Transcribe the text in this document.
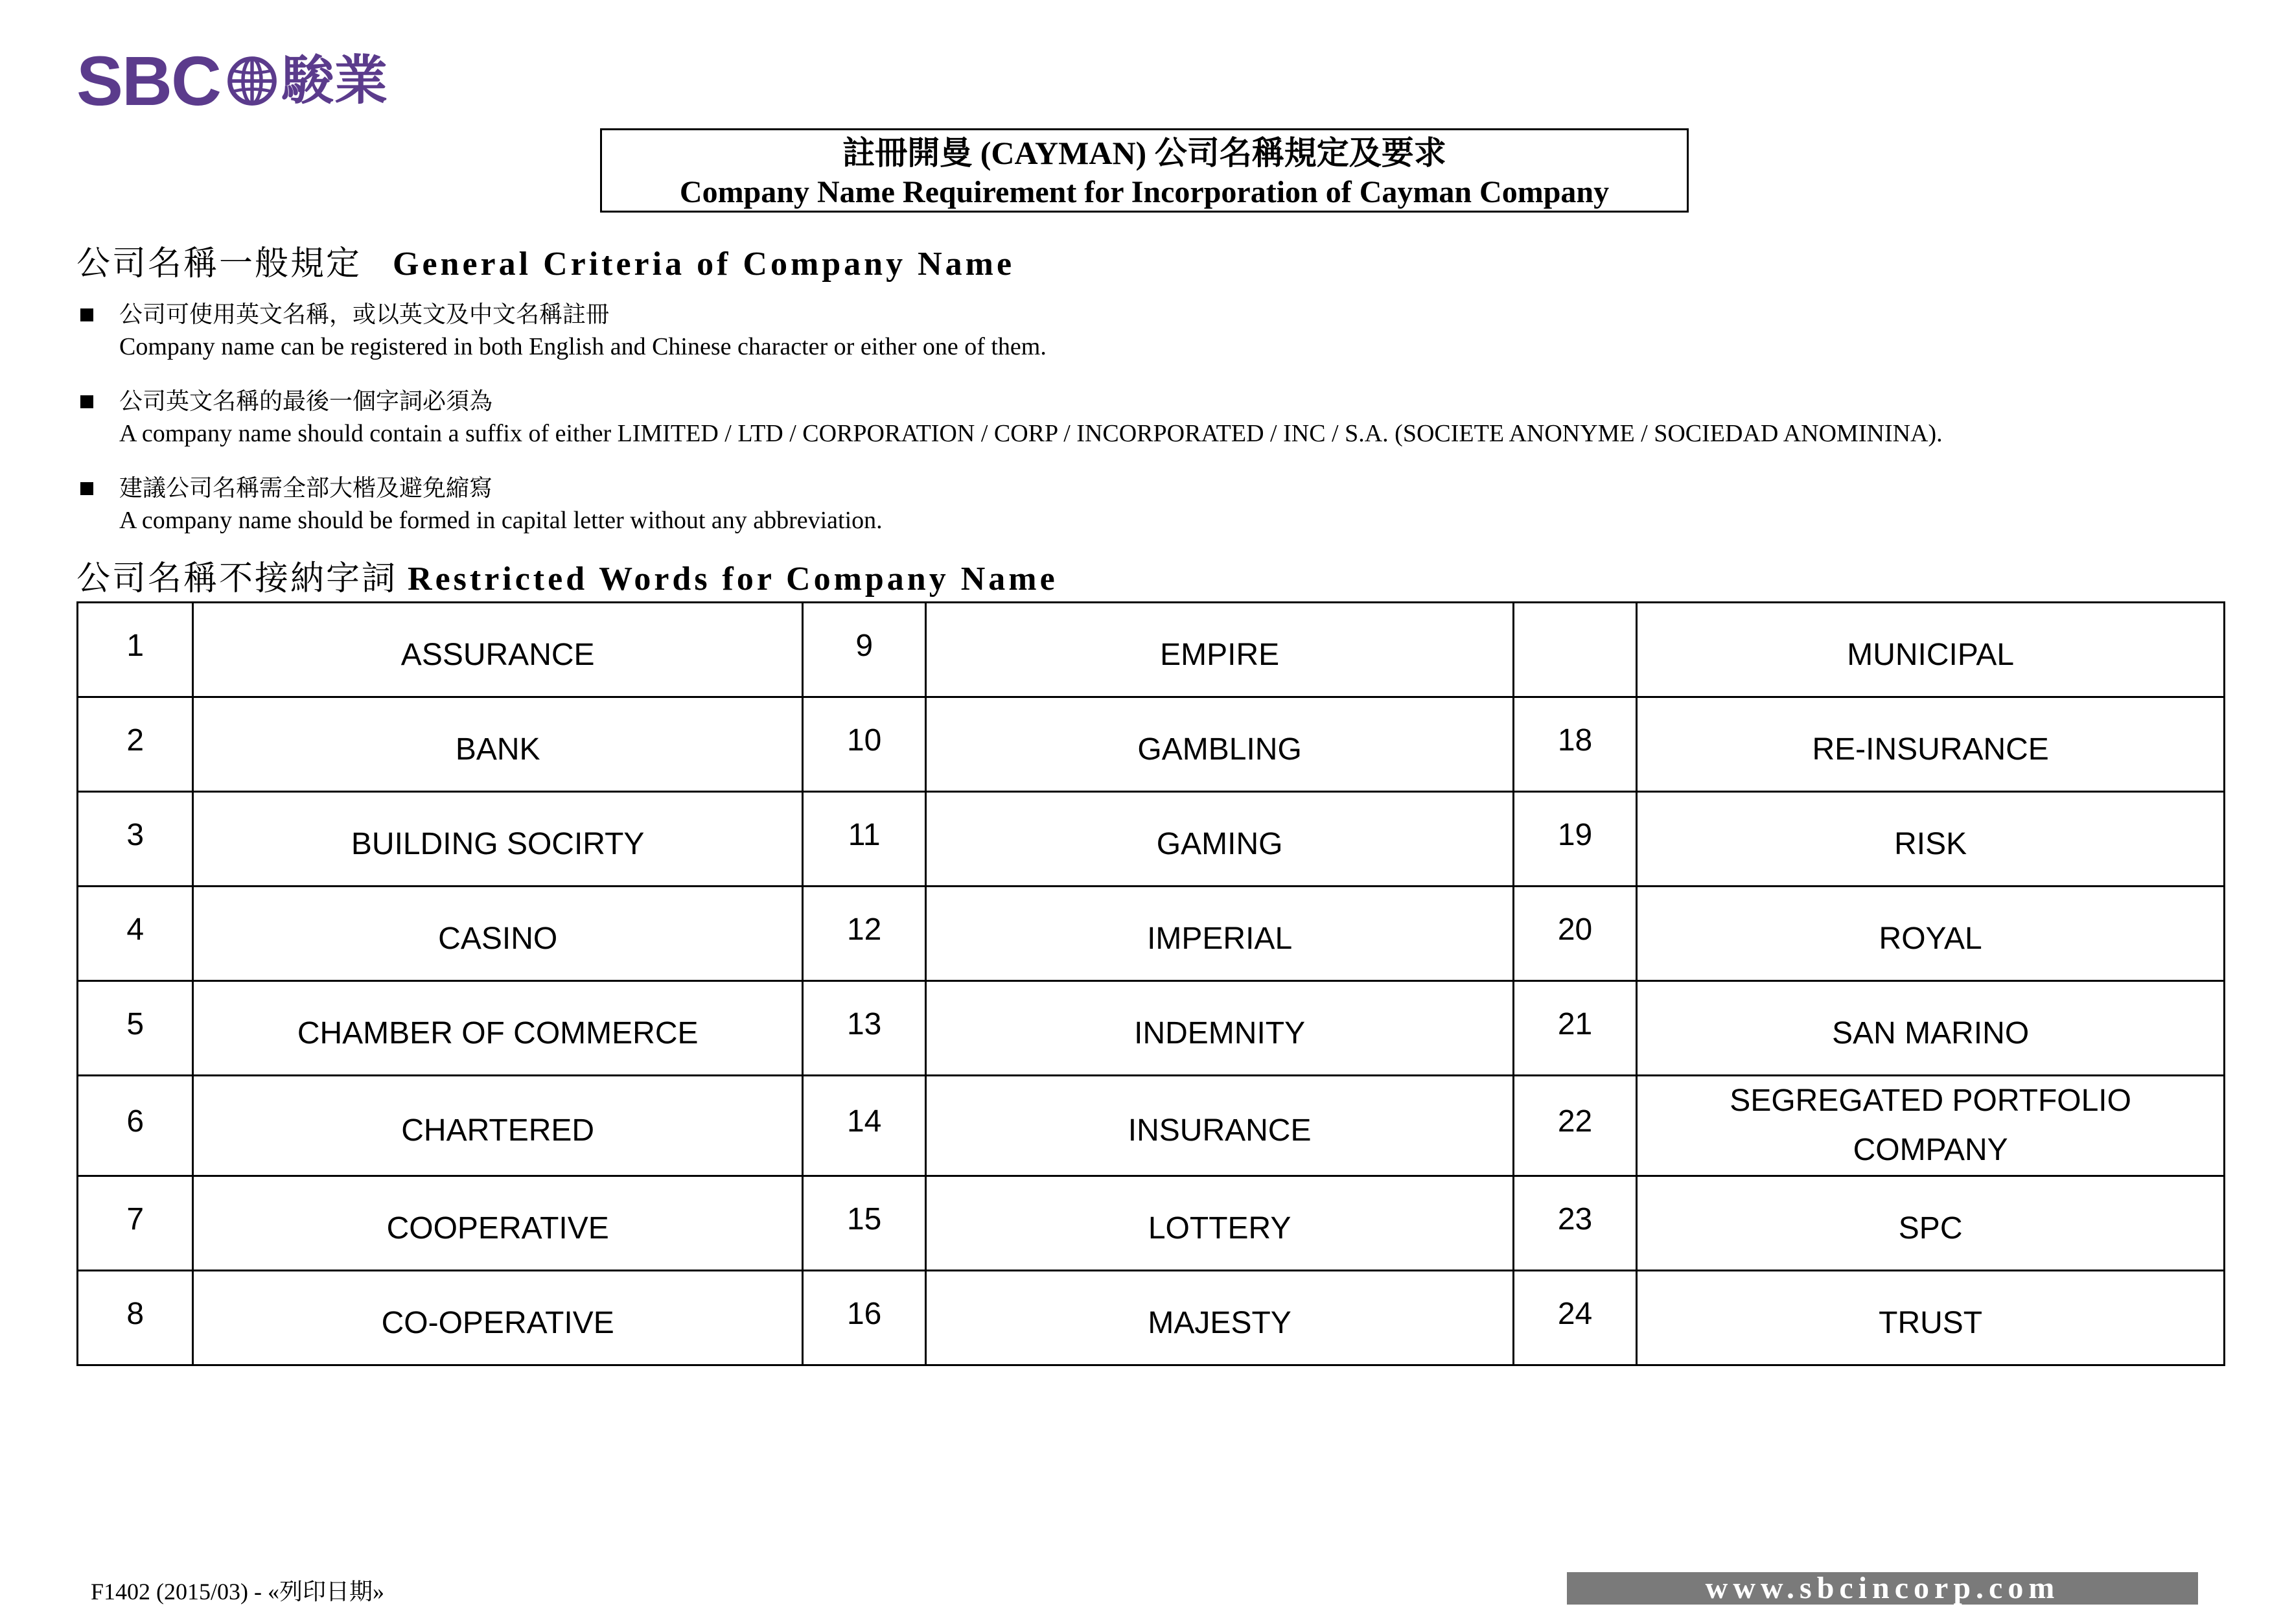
SBC 駿業
註冊開曼 (CAYMAN) 公司名稱規定及要求
Company Name Requirement for Incorporation of Cayman Company
公司名稱一般規定 General Criteria of Company Name
公司可使用英文名稱，或以英文及中文名稱註冊
Company name can be registered in both English and Chinese character or either one of them.
公司英文名稱的最後一個字詞必須為
A company name should contain a suffix of either LIMITED / LTD / CORPORATION / CORP / INCORPORATED / INC / S.A. (SOCIETE ANONYME / SOCIEDAD ANOMININA).
建議公司名稱需全部大楷及避免縮寫
A company name should be formed in capital letter without any abbreviation.
公司名稱不接納字詞 Restricted Words for Company Name
1	ASSURANCE	9	EMPIRE		MUNICIPAL
2	BANK	10	GAMBLING	18	RE-INSURANCE
3	BUILDING SOCIRTY	11	GAMING	19	RISK
4	CASINO	12	IMPERIAL	20	ROYAL
5	CHAMBER OF COMMERCE	13	INDEMNITY	21	SAN MARINO
6	CHARTERED	14	INSURANCE	22	SEGREGATED PORTFOLIO COMPANY
7	COOPERATIVE	15	LOTTERY	23	SPC
8	CO-OPERATIVE	16	MAJESTY	24	TRUST
F1402 (2015/03) - «列印日期»	www.sbcincorp.com
